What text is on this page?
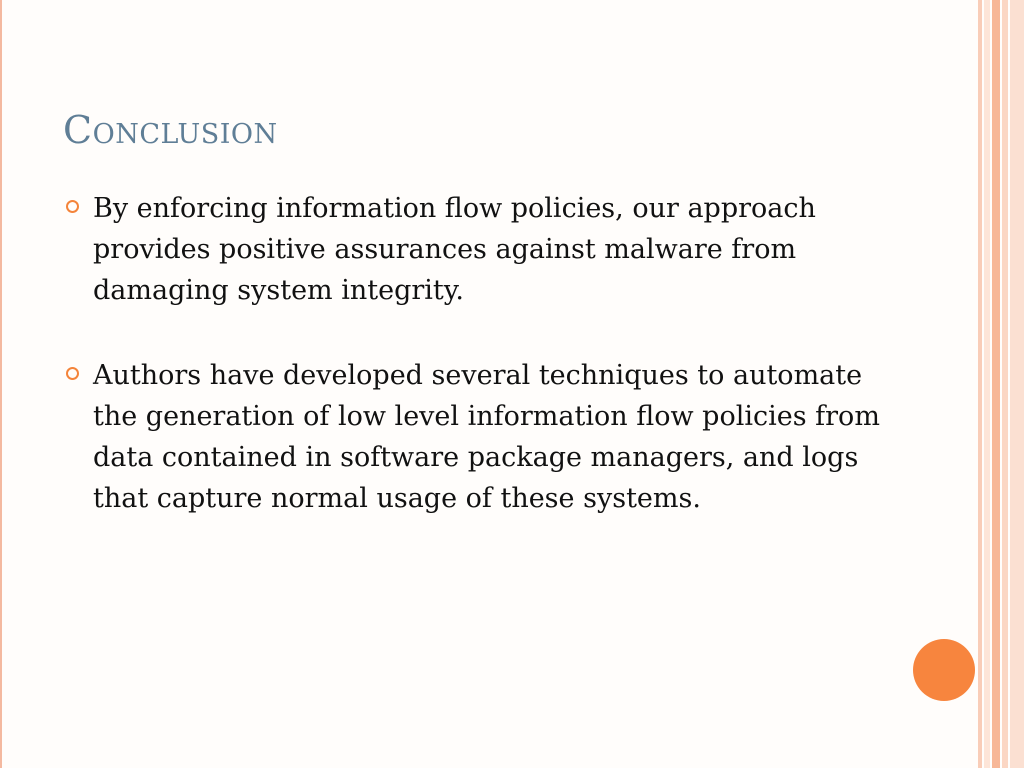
Conclusion
By enforcing information flow policies, our approach provides positive assurances against malware from damaging system integrity.
Authors have developed several techniques to automate the generation of low level information flow policies from data contained in software package managers, and logs that capture normal usage of these systems.
